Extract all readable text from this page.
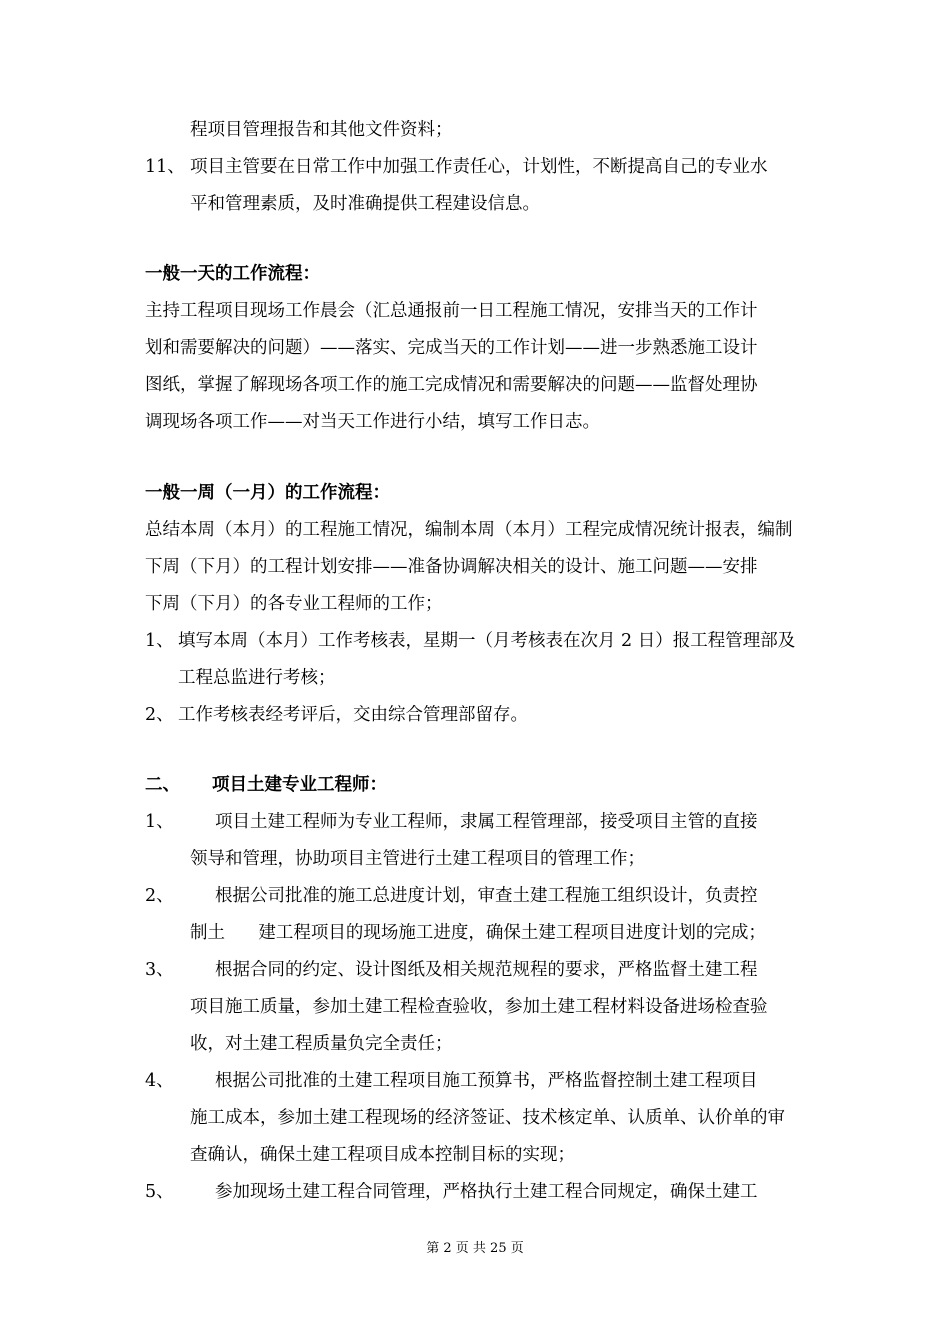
程项目管理报告和其他文件资料；
11、 项目主管要在日常工作中加强工作责任心，计划性，不断提高自己的专业水
平和管理素质，及时准确提供工程建设信息。
一般一天的工作流程：
主持工程项目现场工作晨会（汇总通报前一日工程施工情况，安排当天的工作计
划和需要解决的问题）——落实、完成当天的工作计划——进一步熟悉施工设计
图纸，掌握了解现场各项工作的施工完成情况和需要解决的问题——监督处理协
调现场各项工作——对当天工作进行小结，填写工作日志。
一般一周（一月）的工作流程：
总结本周（本月）的工程施工情况，编制本周（本月）工程完成情况统计报表，编制
下周（下月）的工程计划安排——准备协调解决相关的设计、施工问题——安排
下周（下月）的各专业工程师的工作；
1、 填写本周（本月）工作考核表，星期一（月考核表在次月 2 日）报工程管理部及
工程总监进行考核；
2、 工作考核表经考评后，交由综合管理部留存。
二、 项目土建专业工程师：
1、 项目土建工程师为专业工程师，隶属工程管理部，接受项目主管的直接
领导和管理，协助项目主管进行土建工程项目的管理工作；
2、 根据公司批准的施工总进度计划，审查土建工程施工组织设计，负责控
制土      建工程项目的现场施工进度，确保土建工程项目进度计划的完成；
3、 根据合同的约定、设计图纸及相关规范规程的要求，严格监督土建工程
项目施工质量，参加土建工程检查验收，参加土建工程材料设备进场检查验
收，对土建工程质量负完全责任；
4、 根据公司批准的土建工程项目施工预算书，严格监督控制土建工程项目
施工成本，参加土建工程现场的经济签证、技术核定单、认质单、认价单的审
查确认，确保土建工程项目成本控制目标的实现；
5、 参加现场土建工程合同管理，严格执行土建工程合同规定，确保土建工
第 2 页 共 25 页
